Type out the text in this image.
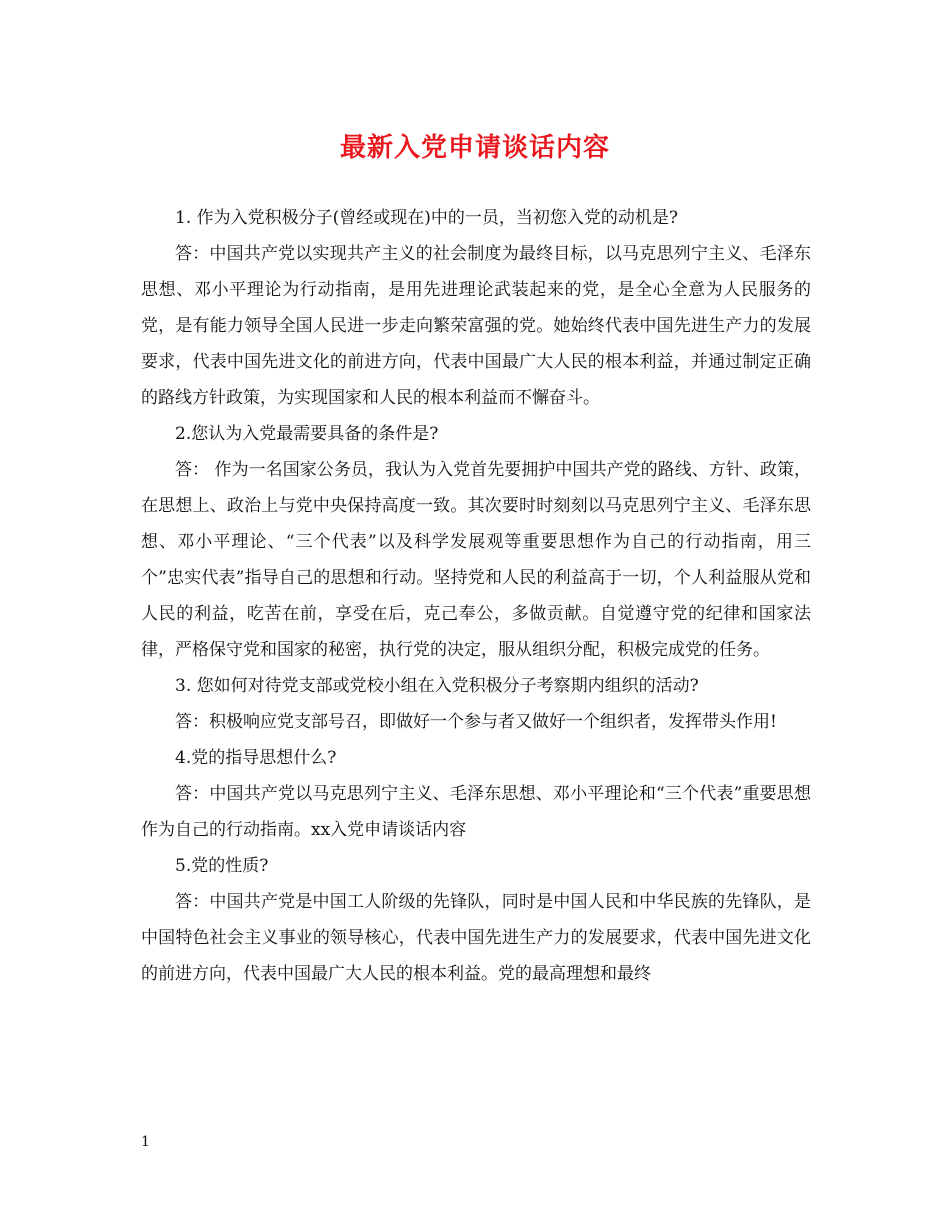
最新入党申请谈话内容

1. 作为入党积极分子(曾经或现在)中的一员，当初您入党的动机是?

答：中国共产党以实现共产主义的社会制度为最终目标，以马克思列宁主义、毛泽东思想、邓小平理论为行动指南，是用先进理论武装起来的党，是全心全意为人民服务的党，是有能力领导全国人民进一步走向繁荣富强的党。她始终代表中国先进生产力的发展要求，代表中国先进文化的前进方向，代表中国最广大人民的根本利益，并通过制定正确的路线方针政策，为实现国家和人民的根本利益而不懈奋斗。

2.您认为入党最需要具备的条件是?

答： 作为一名国家公务员，我认为入党首先要拥护中国共产党的路线、方针、政策，在思想上、政治上与党中央保持高度一致。其次要时时刻刻以马克思列宁主义、毛泽东思想、邓小平理论、“三个代表”以及科学发展观等重要思想作为自己的行动指南，用三个”忠实代表”指导自己的思想和行动。坚持党和人民的利益高于一切，个人利益服从党和人民的利益，吃苦在前，享受在后，克己奉公，多做贡献。自觉遵守党的纪律和国家法律，严格保守党和国家的秘密，执行党的决定，服从组织分配，积极完成党的任务。

3. 您如何对待党支部或党校小组在入党积极分子考察期内组织的活动?

答：积极响应党支部号召，即做好一个参与者又做好一个组织者，发挥带头作用!

4.党的指导思想什么?

答：中国共产党以马克思列宁主义、毛泽东思想、邓小平理论和“三个代表”重要思想作为自己的行动指南。xx入党申请谈话内容

5.党的性质?

答：中国共产党是中国工人阶级的先锋队，同时是中国人民和中华民族的先锋队，是中国特色社会主义事业的领导核心，代表中国先进生产力的发展要求，代表中国先进文化的前进方向，代表中国最广大人民的根本利益。党的最高理想和最终

1
